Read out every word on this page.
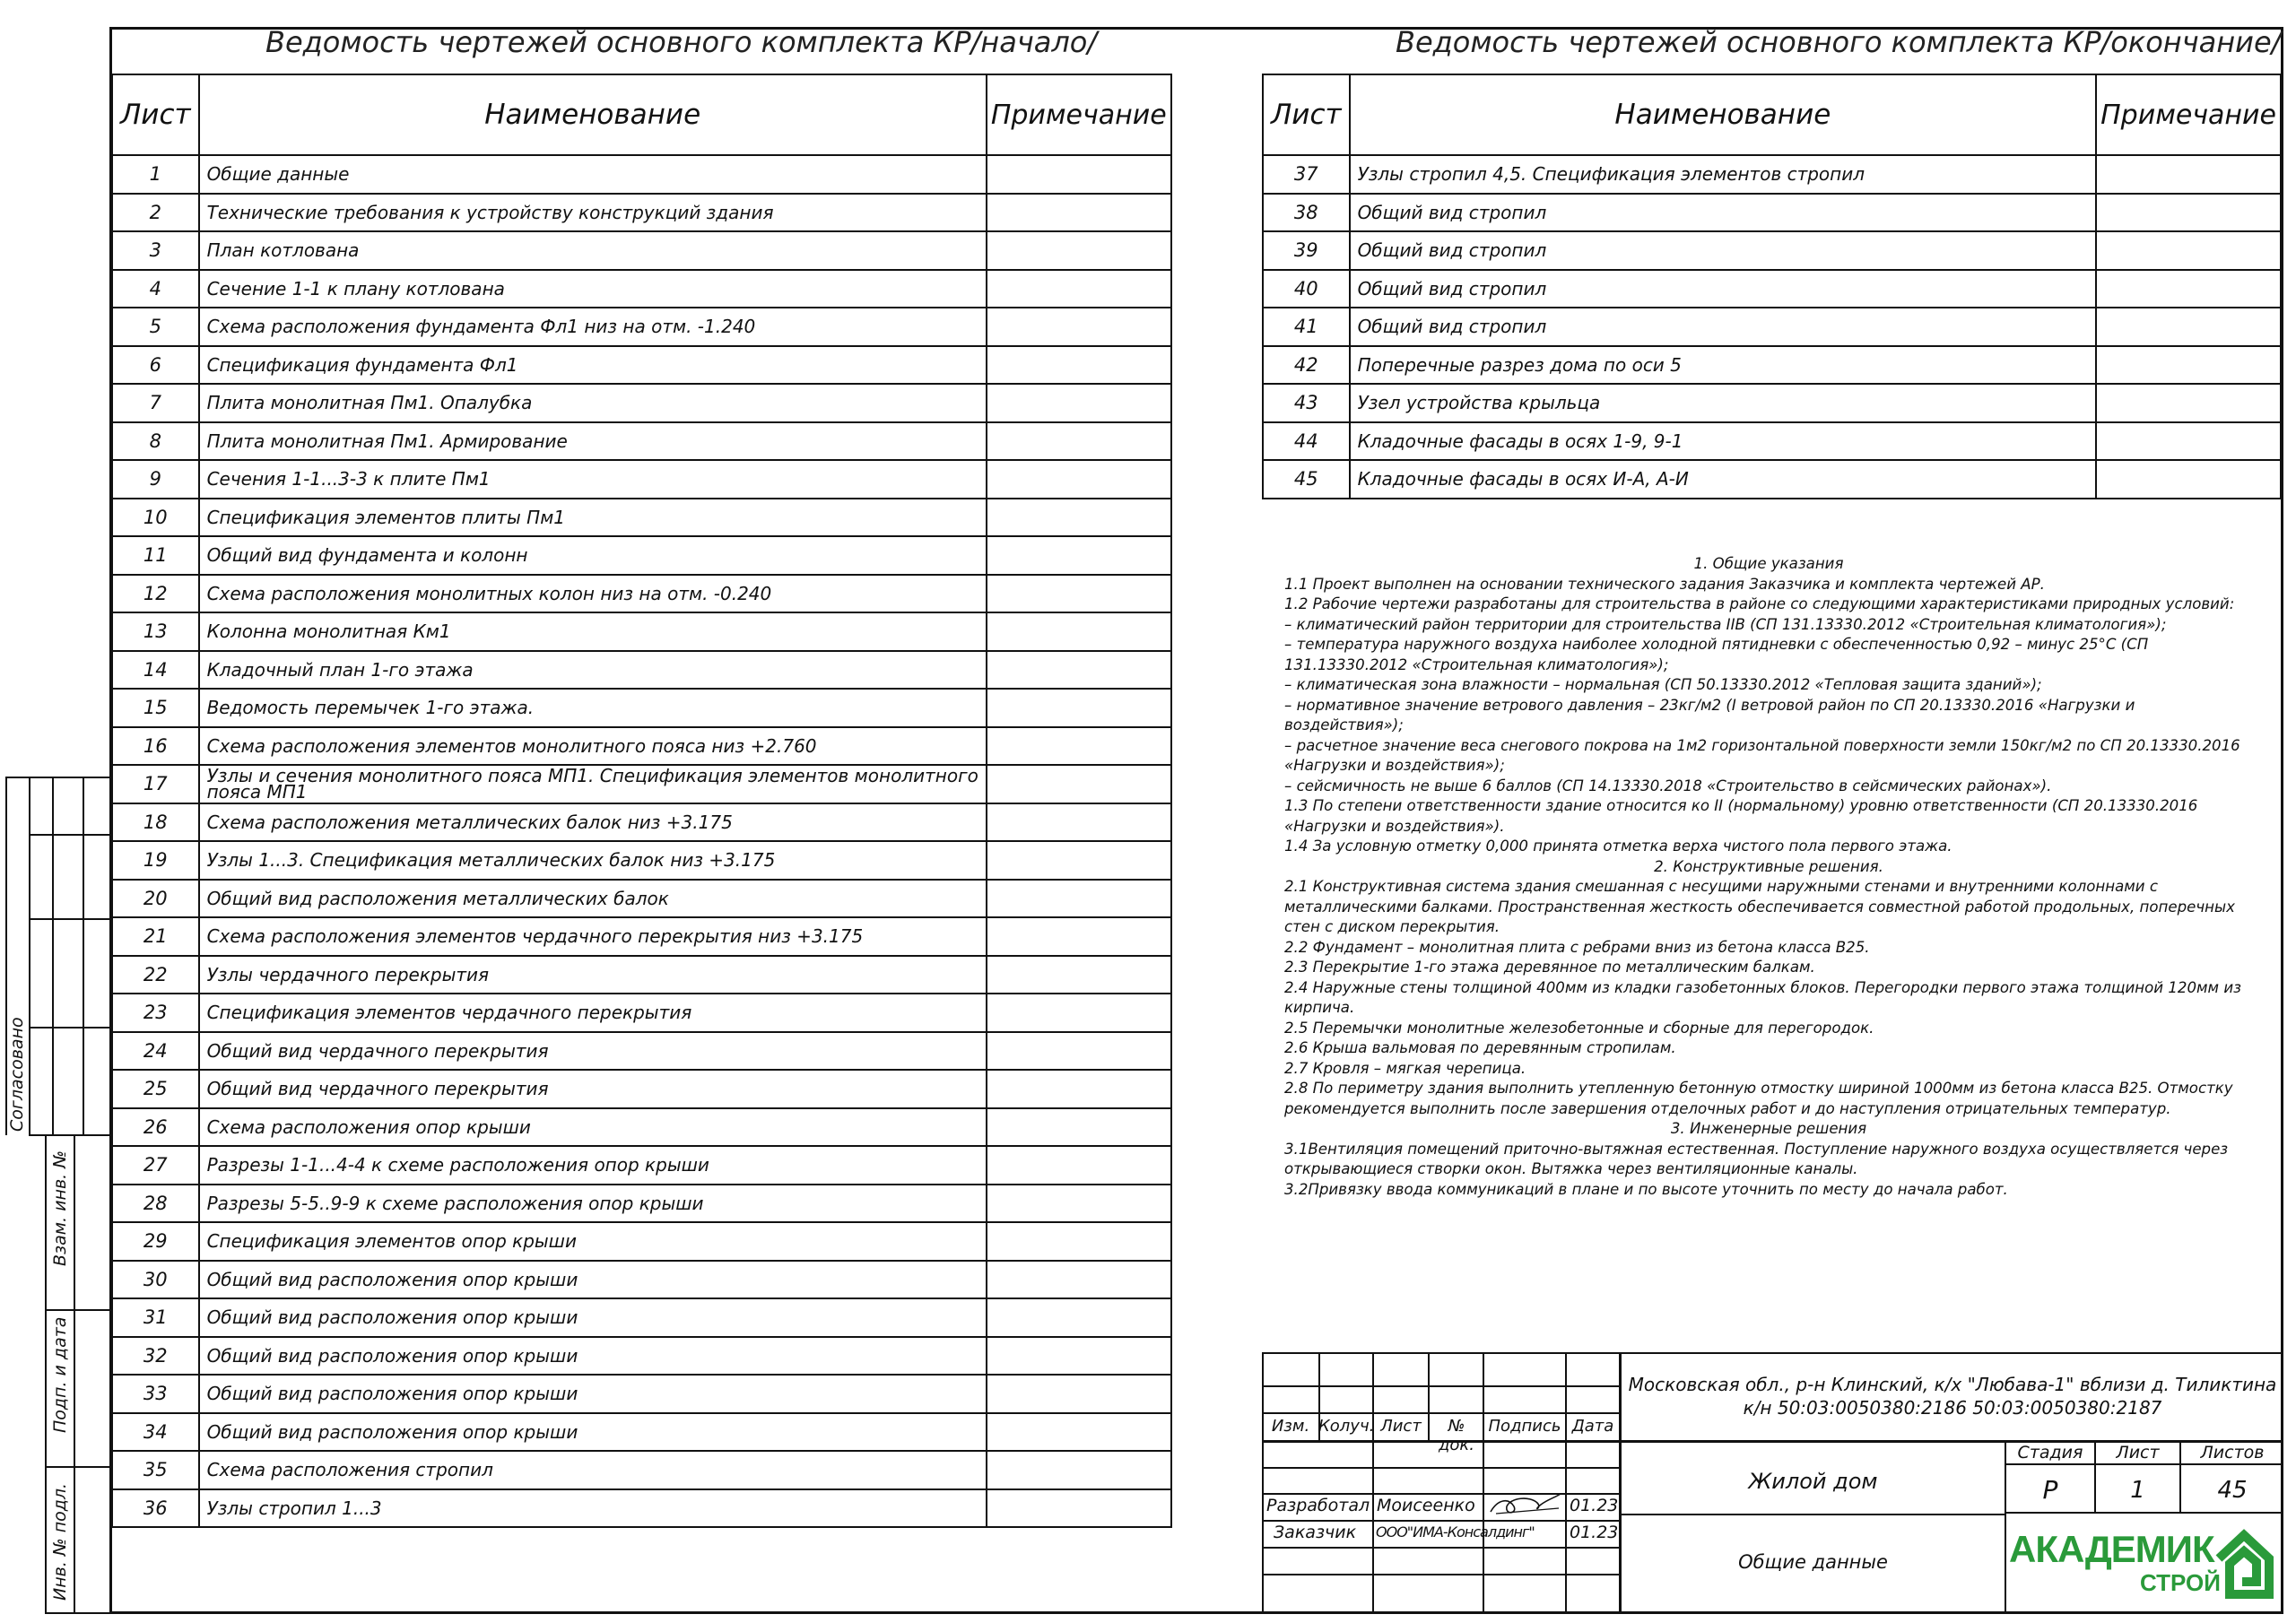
Ведомость чертежей основного комплекта КР/начало/
Лист	Наименование	Примечание
1	Общие данные	
2	Технические требования к устройству конструкций здания	
3	План котлована	
4	Сечение 1-1 к плану котлована	
5	Схема расположения фундамента Фл1 низ на отм. -1.240	
6	Спецификация фундамента Фл1	
7	Плита монолитная Пм1. Опалубка	
8	Плита монолитная Пм1. Армирование	
9	Сечения 1-1...3-3 к плите Пм1	
10	Спецификация элементов плиты Пм1	
11	Общий вид фундамента и колонн	
12	Схема расположения монолитных колон низ на отм. -0.240	
13	Колонна монолитная Км1	
14	Кладочный план 1-го этажа	
15	Ведомость перемычек 1-го этажа.	
16	Схема расположения элементов монолитного пояса низ +2.760	
17	Узлы и сечения монолитного пояса МП1. Спецификация элементов монолитного
пояса МП1	

18	Схема расположения металлических балок низ +3.175	
19	Узлы 1...3. Спецификация металлических балок низ +3.175	
20	Общий вид расположения металлических балок	
21	Схема расположения элементов чердачного перекрытия низ +3.175	
22	Узлы чердачного перекрытия	
23	Спецификация элементов чердачного перекрытия	
24	Общий вид чердачного перекрытия	
25	Общий вид чердачного перекрытия	
26	Схема расположения опор крыши	
27	Разрезы 1-1...4-4 к схеме расположения опор крыши	
28	Разрезы 5-5..9-9 к схеме расположения опор крыши	
29	Спецификация элементов опор крыши	
30	Общий вид расположения опор крыши	
31	Общий вид расположения опор крыши	
32	Общий вид расположения опор крыши	
33	Общий вид расположения опор крыши	
34	Общий вид расположения опор крыши	
35	Схема расположения стропил	
36	Узлы стропил 1...3	
Ведомость чертежей основного комплекта КР/окончание/
Лист	Наименование	Примечание
37	Узлы стропил 4,5. Спецификация элементов стропил	
38	Общий вид стропил	
39	Общий вид стропил	
40	Общий вид стропил	
41	Общий вид стропил	
42	Поперечные разрез дома по оси 5	
43	Узел устройства крыльца	
44	Кладочные фасады в осях 1-9, 9-1	
45	Кладочные фасады в осях И-А, А-И	

1. Общие указания

1.1 Проект выполнен на основании технического задания Заказчика и комплекта чертежей АР.

1.2 Рабочие чертежи разработаны для строительства в районе со следующими характеристиками природных условий:

– климатический район территории для строительства IIВ (СП 131.13330.2012 «Строительная климатология»);

– температура наружного воздуха наиболее холодной пятидневки с обеспеченностью 0,92 – минус 25°С (СП 131.13330.2012 «Строительная климатология»);

– климатическая зона влажности – нормальная (СП 50.13330.2012 «Тепловая защита зданий»);

– нормативное значение ветрового давления – 23кг/м2 (I ветровой район по СП 20.13330.2016 «Нагрузки и воздействия»);

– расчетное значение веса снегового покрова на 1м2 горизонтальной поверхности земли 150кг/м2 по СП 20.13330.2016 «Нагрузки и воздействия»);

– сейсмичность не выше 6 баллов (СП 14.13330.2018 «Строительство в сейсмических районах»).

1.3 По степени ответственности здание относится ко II (нормальному) уровню ответственности (СП 20.13330.2016 «Нагрузки и воздействия»).

1.4 За условную отметку 0,000 принята отметка верха чистого пола первого этажа.

2. Конструктивные решения.

2.1 Конструктивная система здания смешанная с несущими наружными стенами и внутренними колоннами с металлическими балками. Пространственная жесткость обеспечивается совместной работой продольных, поперечных стен с диском перекрытия.

2.2 Фундамент – монолитная плита с ребрами вниз из бетона класса В25.

2.3 Перекрытие 1-го этажа деревянное по металлическим балкам.

2.4 Наружные стены толщиной 400мм из кладки газобетонных блоков. Перегородки первого этажа толщиной 120мм из кирпича.

2.5 Перемычки монолитные железобетонные и сборные для перегородок.

2.6 Крыша вальмовая по деревянным стропилам.

2.7 Кровля – мягкая черепица.

2.8 По периметру здания выполнить утепленную бетонную отмостку шириной 1000мм из бетона класса В25. Отмостку рекомендуется выполнить после завершения отделочных работ и до наступления отрицательных температур.

3. Инженерные решения

3.1Вентиляция помещений приточно-вытяжная естественная. Поступление наружного воздуха осуществляется через открывающиеся створки окон. Вытяжка через вентиляционные каналы.

3.2Привязку ввода коммуникаций в плане и по высоте уточнить по месту до начала работ.

Согласовано
Взам. инв. №
Подп. и дата
Инв. № подл.
Московская обл., р-н Клинский, к/х "Любава-1" вблизи д. Тиликтина
к/н 50:03:0050380:2186 50:03:0050380:2187
Изм. Колуч. Лист	№ док.
Подпись Дата
Жилой дом
Стадия	Лист	Листов
Р	1	45
Разработал Моисеенко	01.23
Заказчик ООО"ИМА-Консалдинг" 01.23
Общие данные	АКАДЕМИК
СТРОЙ
